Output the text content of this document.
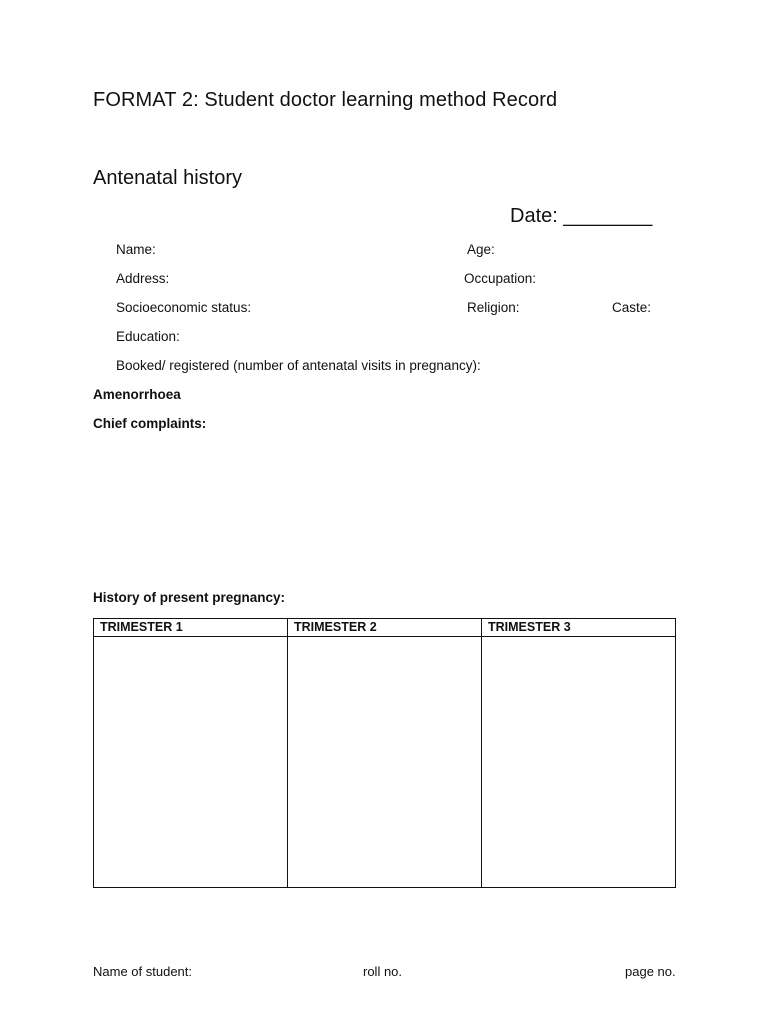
FORMAT 2: Student doctor learning method Record
Antenatal history
Date: ________
Name:	Age:
Address:	Occupation:
Socioeconomic status:	Religion:	Caste:
Education:
Booked/ registered (number of antenatal visits in pregnancy):
Amenorrhoea
Chief complaints:
History of present pregnancy:
TRIMESTER 1	TRIMESTER 2	TRIMESTER 3

Name of student:	roll no.	page no.
